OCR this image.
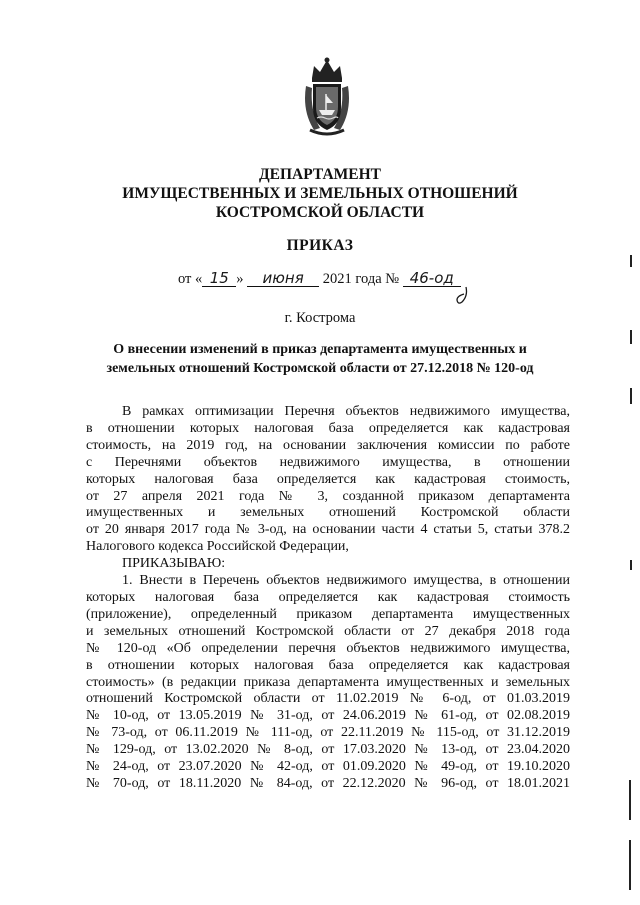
ДЕПАРТАМЕНТ
ИМУЩЕСТВЕННЫХ И ЗЕМЕЛЬНЫХ ОТНОШЕНИЙ
КОСТРОМСКОЙ ОБЛАСТИ
ПРИКАЗ
от « 15 » июня 2021 года № 46-од
г. Кострома
О внесении изменений в приказ департамента имущественных и
земельных отношений Костромской области от 27.12.2018 № 120-од
В рамках оптимизации Перечня объектов недвижимого имущества,
в отношении которых налоговая база определяется как кадастровая
стоимость, на 2019 год, на основании заключения комиссии по работе
с Перечнями объектов недвижимого имущества, в отношении
которых налоговая база определяется как кадастровая стоимость,
от 27 апреля 2021 года № 3, созданной приказом департамента
имущественных и земельных отношений Костромской области
от 20 января 2017 года № 3-од, на основании части 4 статьи 5, статьи 378.2
Налогового кодекса Российской Федерации,
ПРИКАЗЫВАЮ:
1. Внести в Перечень объектов недвижимого имущества, в отношении
которых налоговая база определяется как кадастровая стоимость
(приложение), определенный приказом департамента имущественных
и земельных отношений Костромской области от 27 декабря 2018 года
№ 120-од «Об определении перечня объектов недвижимого имущества,
в отношении которых налоговая база определяется как кадастровая
стоимость» (в редакции приказа департамента имущественных и земельных
отношений Костромской области от 11.02.2019 № 6-од, от 01.03.2019
№ 10-од, от 13.05.2019 № 31-од, от 24.06.2019 № 61-од, от 02.08.2019
№ 73-од, от 06.11.2019 № 111-од, от 22.11.2019 № 115-од, от 31.12.2019
№ 129-од, от 13.02.2020 № 8-од, от 17.03.2020 № 13-од, от 23.04.2020
№ 24-од, от 23.07.2020 № 42-од, от 01.09.2020 № 49-од, от 19.10.2020
№ 70-од, от 18.11.2020 № 84-од, от 22.12.2020 № 96-од, от 18.01.2021
